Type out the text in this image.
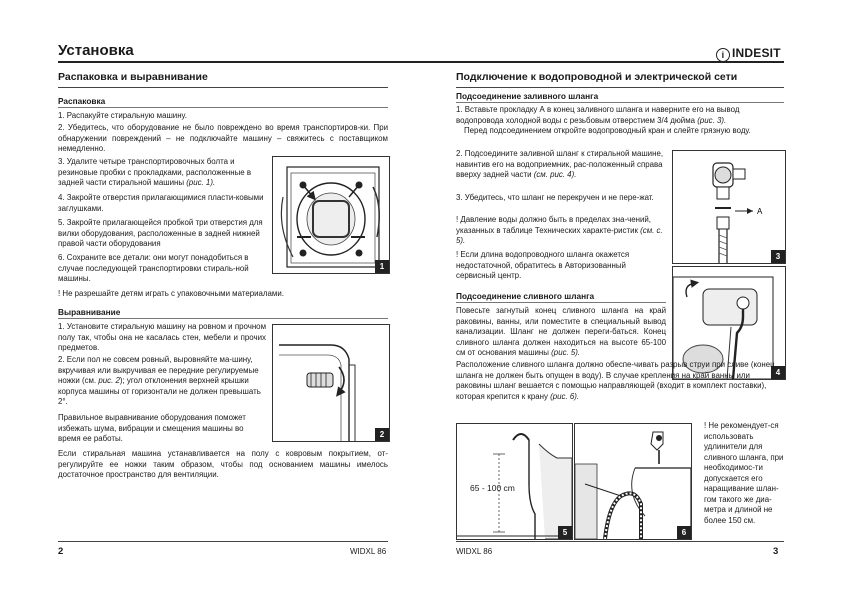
Установка	i INDESIT
Распаковка и выравнивание
Распаковка
1. Распакуйте стиральную машину.
2. Убедитесь, что оборудование не было повреждено во время транспортиров-ки. При обнаружении повреждений – не подключайте машину – свяжитесь с поставщиком немедленно.
3. Удалите четыре транспортировочных болта и резиновые пробки с прокладками, расположенные в задней части стиральной машины (рис. 1).
4. Закройте отверстия прилагающимися пласти-ковыми заглушками.
5. Закройте прилагающейся пробкой три отверстия для вилки оборудования, расположенные в задней нижней правой части оборудования
6. Сохраните все детали: они могут понадобиться в случае последующей транспортировки стираль-ной машины.
! Не разрешайте детям играть с упаковочными материалами.
1
Выравнивание
1. Установите стиральную машину на ровном и прочном полу так, чтобы она не касалась стен, мебели и прочих предметов.
2. Если пол не совсем ровный, выровняйте ма-шину, вкручивая или выкручивая ее передние регулируемые ножки (см. рис. 2); угол отклонения верхней крышки корпуса машины от горизонтали не должен превышать 2°.
Правильное выравнивание оборудования поможет избежать шума, вибрации и смещения машины во время ее работы.
Если стиральная машина устанавливается на полу с ковровым покрытием, от-регулируйте ее ножки таким образом, чтобы под основанием машины имелось достаточное пространство для вентиляции.
2
2	WIDXL 86
Подключение к водопроводной и электрической сети
Подсоединение заливного шланга
1. Вставьте прокладку А в конец заливного шланга и наверните его на вывод водопровода холодной воды с резьбовым отверстием 3/4 дюйма (рис. 3).
Перед подсоединением откройте водопроводный кран и слейте грязную воду.
2. Подсоедините заливной шланг к стиральной машине, навинтив его на водоприемник, рас-положенный справа вверху задней части (см. рис. 4).
3. Убедитесь, что шланг не перекручен и не пере-жат.
! Давление воды должно быть в пределах зна-чений, указанных в таблице Технических характе-ристик (см. с. 5).
! Если длина водопроводного шланга окажется недостаточной, обратитесь в Авторизованный сервисный центр.
A
3
4
Подсоединение сливного шланга
Повесьте загнутый конец сливного шланга на край раковины, ванны, или поместите в специальный вывод канализации. Шланг не должен переги-баться. Конец сливного шланга должен находиться на высоте 65-100 см от основания машины (рис. 5).
Расположение сливного шланга должно обеспе-чивать разрыв струи при сливе (конец шланга не должен быть опущен в воду). В случае крепления на край ванны или раковины шланг вешается с помощью направляющей (входит в комплект поставки), которая крепится к крану (рис. 6).
65 - 100 cm
5	6
! Не рекомендует-ся использовать удлинители для сливного шланга, при необходимос-ти допускается его наращивание шлан-гом такого же диа-метра и длиной не более 150 см.
WIDXL 86	3
